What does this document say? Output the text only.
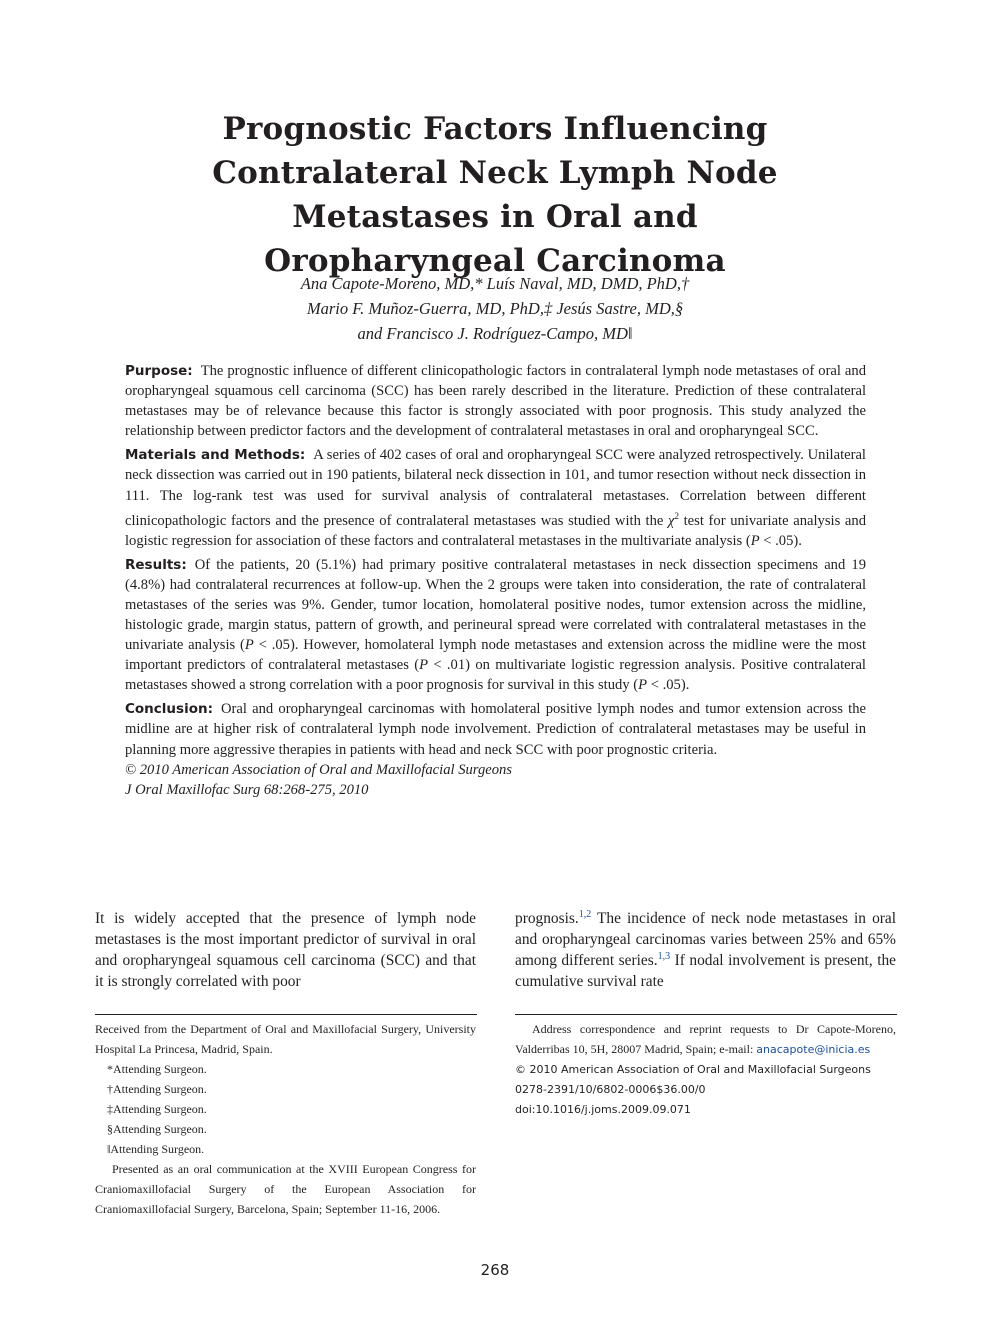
Prognostic Factors Influencing
Contralateral Neck Lymph Node
Metastases in Oral and
Oropharyngeal Carcinoma
Ana Capote-Moreno, MD,* Luís Naval, MD, DMD, PhD,†
Mario F. Muñoz-Guerra, MD, PhD,‡ Jesús Sastre, MD,§
and Francisco J. Rodríguez-Campo, MD‖

Purpose: The prognostic influence of different clinicopathologic factors in contralateral lymph node metastases of oral and oropharyngeal squamous cell carcinoma (SCC) has been rarely described in the literature. Prediction of these contralateral metastases may be of relevance because this factor is strongly associated with poor prognosis. This study analyzed the relationship between predictor factors and the development of contralateral metastases in oral and oropharyngeal SCC.

Materials and Methods: A series of 402 cases of oral and oropharyngeal SCC were analyzed retrospectively. Unilateral neck dissection was carried out in 190 patients, bilateral neck dissection in 101, and tumor resection without neck dissection in 111. The log-rank test was used for survival analysis of contralateral metastases. Correlation between different clinicopathologic factors and the presence of contralateral metastases was studied with the $\chi^2$ test for univariate analysis and logistic regression for association of these factors and contralateral metastases in the multivariate analysis (P < .05).

Results: Of the patients, 20 (5.1%) had primary positive contralateral metastases in neck dissection specimens and 19 (4.8%) had contralateral recurrences at follow-up. When the 2 groups were taken into consideration, the rate of contralateral metastases of the series was 9%. Gender, tumor location, homolateral positive nodes, tumor extension across the midline, histologic grade, margin status, pattern of growth, and perineural spread were correlated with contralateral metastases in the univariate analysis (P < .05). However, homolateral lymph node metastases and extension across the midline were the most important predictors of contralateral metastases (P < .01) on multivariate logistic regression analysis. Positive contralateral metastases showed a strong correlation with a poor prognosis for survival in this study (P < .05).

Conclusion: Oral and oropharyngeal carcinomas with homolateral positive lymph nodes and tumor extension across the midline are at higher risk of contralateral lymph node involvement. Prediction of contralateral metastases may be useful in planning more aggressive therapies in patients with head and neck SCC with poor prognostic criteria.

© 2010 American Association of Oral and Maxillofacial Surgeons

J Oral Maxillofac Surg 68:268-275, 2010

It is widely accepted that the presence of lymph node metastases is the most important predictor of survival in oral and oropharyngeal squamous cell carcinoma (SCC) and that it is strongly correlated with poor

prognosis.$^{1,2}$ The incidence of neck node metastases in oral and oropharyngeal carcinomas varies between 25% and 65% among different series.$^{1,3}$ If nodal involvement is present, the cumulative survival rate

Received from the Department of Oral and Maxillofacial Surgery, University Hospital La Princesa, Madrid, Spain.

*Attending Surgeon.

†Attending Surgeon.

‡Attending Surgeon.

§Attending Surgeon.

‖Attending Surgeon.

Presented as an oral communication at the XVIII European Congress for Craniomaxillofacial Surgery of the European Association for Craniomaxillofacial Surgery, Barcelona, Spain; September 11-16, 2006.

Address correspondence and reprint requests to Dr Capote-Moreno, Valderribas 10, 5H, 28007 Madrid, Spain; e-mail: anacapote@inicia.es

© 2010 American Association of Oral and Maxillofacial Surgeons

0278-2391/10/6802-0006$36.00/0

doi:10.1016/j.joms.2009.09.071

268
